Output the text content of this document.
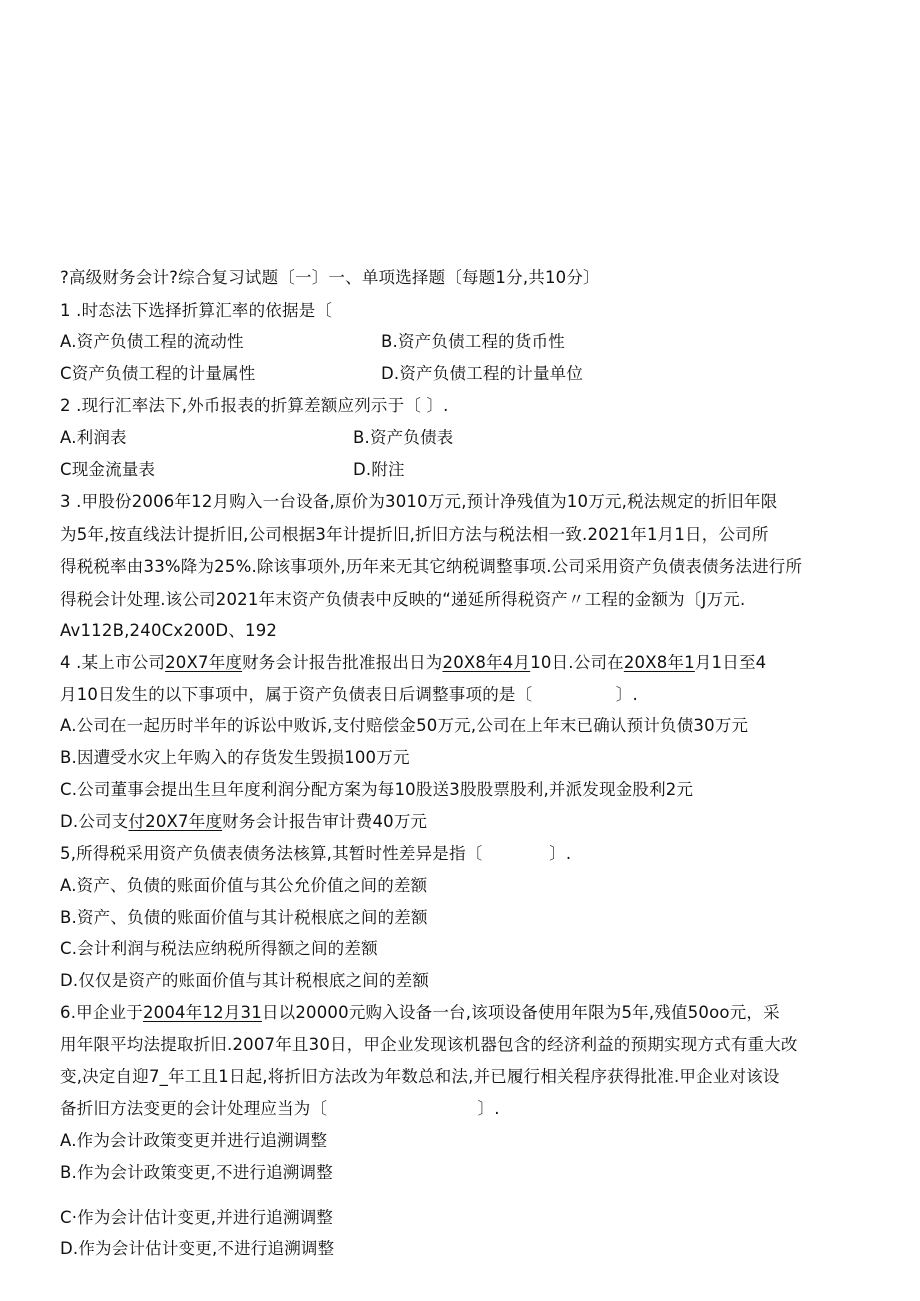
?高级财务会计?综合复习试题〔一〕一、单项选择题〔每题1分,共10分〕
1 .时态法下选择折算汇率的依据是〔
A.资产负债工程的流动性	B.资产负债工程的货币性
C资产负债工程的计量属性	D.资产负债工程的计量单位
2 .现行汇率法下,外币报表的折算差额应列示于〔 〕.
A.利润表	B.资产负债表
C现金流量表	D.附注
3 .甲股份2006年12月购入一台设备,原价为3010万元,预计净残值为10万元,税法规定的折旧年限
为5年,按直线法计提折旧,公司根据3年计提折旧,折旧方法与税法相一致.2021年1月1日，公司所
得税税率由33%降为25%.除该事项外,历年来无其它纳税调整事项.公司采用资产负债表债务法进行所
得税会计处理.该公司2021年末资产负债表中反映的“递延所得税资产〃工程的金额为〔J万元.
Av112B,240Cx200D、192
4 .某上市公司20X7年度财务会计报告批准报出日为20X8年4月10日.公司在20X8年1月1日至4
月10日发生的以下事项中，属于资产负债表日后调整事项的是〔　　　　　〕.
A.公司在一起历时半年的诉讼中败诉,支付赔偿金50万元,公司在上年末已确认预计负债30万元
B.因遭受水灾上年购入的存货发生毁损100万元
C.公司董事会提出生旦年度利润分配方案为每10股送3股股票股利,并派发现金股利2元
D.公司支付20X7年度财务会计报告审计费40万元
5,所得税采用资产负债表债务法核算,其暂时性差异是指〔　　　　〕.
A.资产、负债的账面价值与其公允价值之间的差额
B.资产、负债的账面价值与其计税根底之间的差额
C.会计利润与税法应纳税所得额之间的差额
D.仅仅是资产的账面价值与其计税根底之间的差额
6.甲企业于2004年12月31日以20000元购入设备一台,该项设备使用年限为5年,残值50oo元，采
用年限平均法提取折旧.2007年且30日，甲企业发现该机器包含的经济利益的预期实现方式有重大改
变,决定自迎7_年工且1日起,将折旧方法改为年数总和法,并已履行相关程序获得批准.甲企业对该设
备折旧方法变更的会计处理应当为〔　　　　　　　　　〕.
A.作为会计政策变更并进行追溯调整
B.作为会计政策变更,不进行追溯调整
C·作为会计估计变更,并进行追溯调整
D.作为会计估计变更,不进行追溯调整
